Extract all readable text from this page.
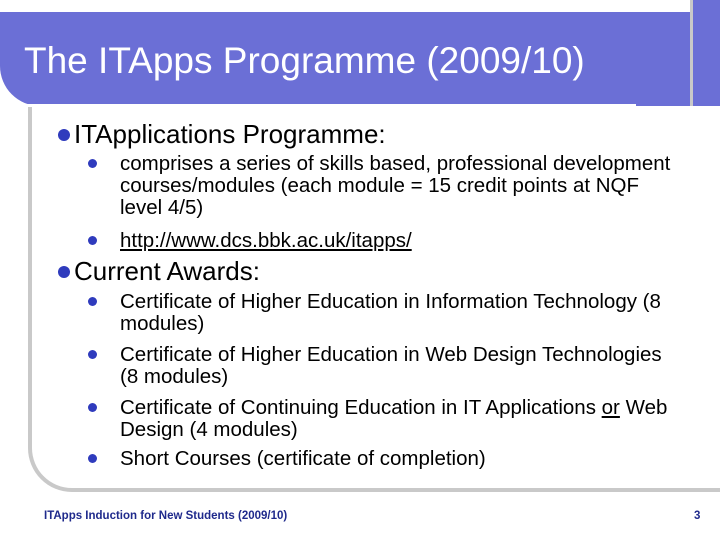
The ITApps Programme (2009/10)
ITApplications Programme:
comprises a series of skills based, professional development courses/modules (each module = 15 credit points at NQF level 4/5)
http://www.dcs.bbk.ac.uk/itapps/
Current Awards:
Certificate of Higher Education in Information Technology (8 modules)
Certificate of Higher Education in Web Design Technologies (8 modules)
Certificate of Continuing Education in IT Applications or Web Design (4 modules)
Short Courses (certificate of completion)
ITApps Induction for New Students (2009/10)	3
